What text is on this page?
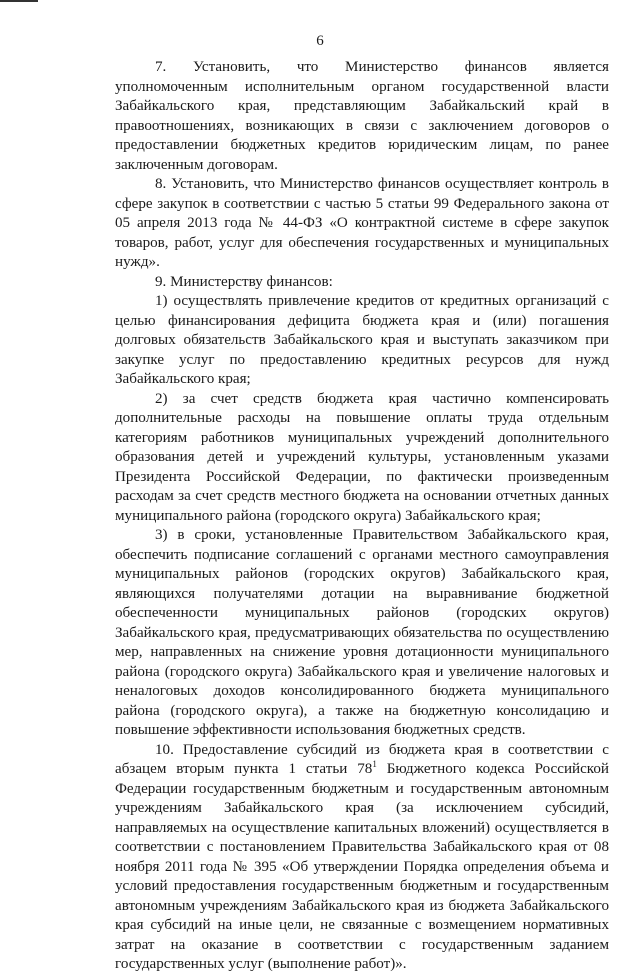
6

7. Установить, что Министерство финансов является уполномоченным исполнительным органом государственной власти Забайкальского края, представляющим Забайкальский край в правоотношениях, возникающих в связи с заключением договоров о предоставлении бюджетных кредитов юридическим лицам, по ранее заключенным договорам.

8. Установить, что Министерство финансов осуществляет контроль в сфере закупок в соответствии с частью 5 статьи 99 Федерального закона от 05 апреля 2013 года № 44-ФЗ «О контрактной системе в сфере закупок товаров, работ, услуг для обеспечения государственных и муниципальных нужд».

9. Министерству финансов:

1) осуществлять привлечение кредитов от кредитных организаций с целью финансирования дефицита бюджета края и (или) погашения долговых обязательств Забайкальского края и выступать заказчиком при закупке услуг по предоставлению кредитных ресурсов для нужд Забайкальского края;

2) за счет средств бюджета края частично компенсировать дополнительные расходы на повышение оплаты труда отдельным категориям работников муниципальных учреждений дополнительного образования детей и учреждений культуры, установленным указами Президента Российской Федерации, по фактически произведенным расходам за счет средств местного бюджета на основании отчетных данных муниципального района (городского округа) Забайкальского края;

3) в сроки, установленные Правительством Забайкальского края, обеспечить подписание соглашений с органами местного самоуправления муниципальных районов (городских округов) Забайкальского края, являющихся получателями дотации на выравнивание бюджетной обеспеченности муниципальных районов (городских округов) Забайкальского края, предусматривающих обязательства по осуществлению мер, направленных на снижение уровня дотационности муниципального района (городского округа) Забайкальского края и увеличение налоговых и неналоговых доходов консолидированного бюджета муниципального района (городского округа), а также на бюджетную консолидацию и повышение эффективности использования бюджетных средств.

10. Предоставление субсидий из бюджета края в соответствии с абзацем вторым пункта 1 статьи $78^1$ Бюджетного кодекса Российской Федерации государственным бюджетным и государственным автономным учреждениям Забайкальского края (за исключением субсидий, направляемых на осуществление капитальных вложений) осуществляется в соответствии с постановлением Правительства Забайкальского края от 08 ноября 2011 года № 395 «Об утверждении Порядка определения объема и условий предоставления государственным бюджетным и государственным автономным учреждениям Забайкальского края из бюджета Забайкальского края субсидий на иные цели, не связанные с возмещением нормативных затрат на оказание в соответствии с государственным заданием государственных услуг (выполнение работ)».
